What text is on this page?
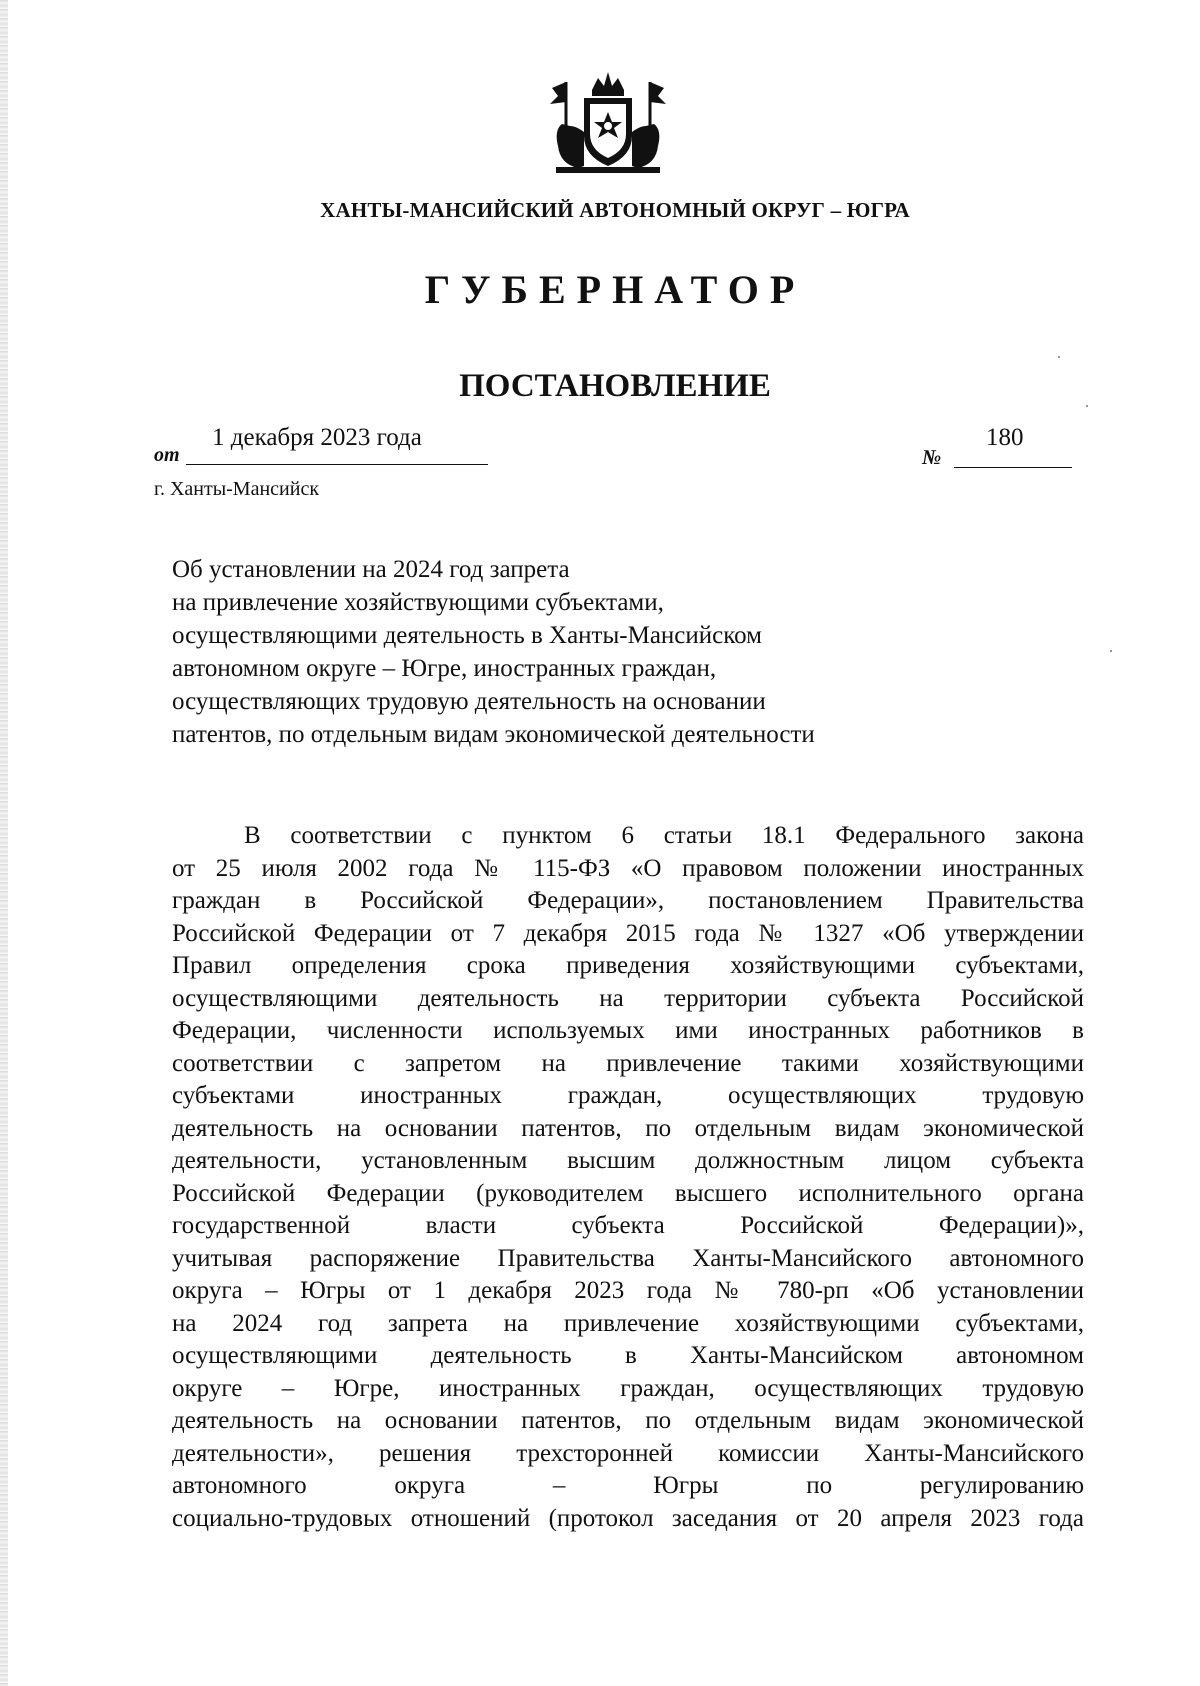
ХАНТЫ-МАНСИЙСКИЙ АВТОНОМНЫЙ ОКРУГ – ЮГРА
ГУБЕРНАТОР
ПОСТАНОВЛЕНИЕ
от
1 декабря 2023 года
№
180
г. Ханты-Мансийск
Об установлении на 2024 год запрета
на привлечение хозяйствующими субъектами,
осуществляющими деятельность в Ханты-Мансийском
автономном округе – Югре, иностранных граждан,
осуществляющих трудовую деятельность на основании
патентов, по отдельным видам экономической деятельности
В соответствии с пунктом 6 статьи 18.1 Федерального закона
от 25 июля 2002 года № 115-ФЗ «О правовом положении иностранных
граждан в Российской Федерации», постановлением Правительства
Российской Федерации от 7 декабря 2015 года № 1327 «Об утверждении
Правил определения срока приведения хозяйствующими субъектами,
осуществляющими деятельность на территории субъекта Российской
Федерации, численности используемых ими иностранных работников в
соответствии с запретом на привлечение такими хозяйствующими
субъектами иностранных граждан, осуществляющих трудовую
деятельность на основании патентов, по отдельным видам экономической
деятельности, установленным высшим должностным лицом субъекта
Российской Федерации (руководителем высшего исполнительного органа
государственной власти субъекта Российской Федерации)»,
учитывая распоряжение Правительства Ханты-Мансийского автономного
округа – Югры от 1 декабря 2023 года № 780-рп «Об установлении
на 2024 год запрета на привлечение хозяйствующими субъектами,
осуществляющими деятельность в Ханты-Мансийском автономном
округе – Югре, иностранных граждан, осуществляющих трудовую
деятельность на основании патентов, по отдельным видам экономической
деятельности», решения трехсторонней комиссии Ханты-Мансийского
автономного округа – Югры по регулированию
социально-трудовых отношений (протокол заседания от 20 апреля 2023 года
